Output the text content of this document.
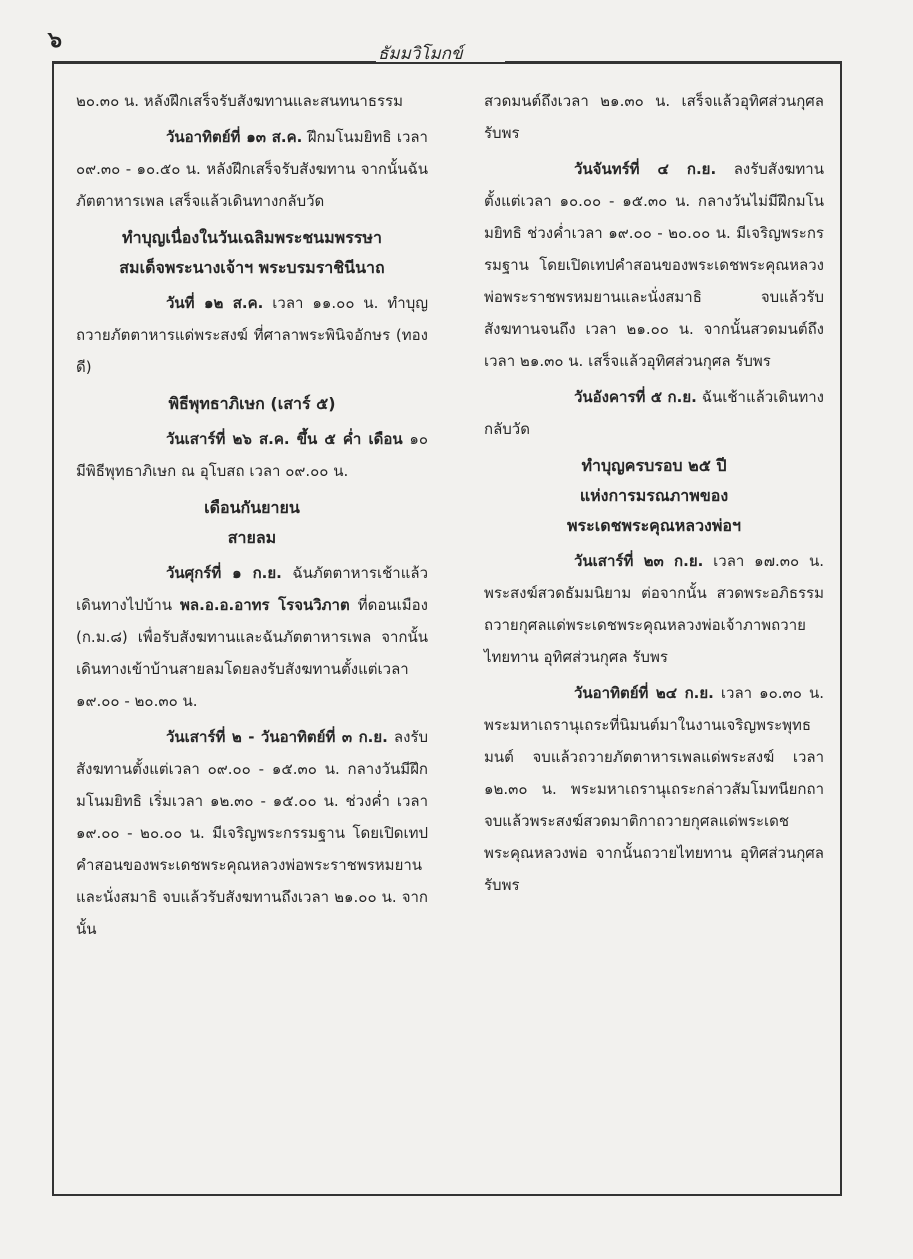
๖
ธัมมวิโมกข์

๒๐.๓๐ น. หลังฝึกเสร็จรับสังฆทานและสนทนาธรรม

วันอาทิตย์ที่ ๑๓ ส.ค. ฝึกมโนมยิทธิ เวลา ๐๙.๓๐ - ๑๐.๕๐ น. หลังฝึกเสร็จรับสังฆทาน จากนั้นฉันภัตตาหารเพล เสร็จแล้วเดินทางกลับวัด

ทำบุญเนื่องในวันเฉลิมพระชนมพรรษา
สมเด็จพระนางเจ้าฯ พระบรมราชินีนาถ

วันที่ ๑๒ ส.ค. เวลา ๑๑.๐๐ น. ทำบุญถวายภัตตาหารแด่พระสงฆ์ ที่ศาลาพระพินิจอักษร (ทองดี)

พิธีพุทธาภิเษก (เสาร์ ๕)

วันเสาร์ที่ ๒๖ ส.ค. ขึ้น ๕ ค่ำ เดือน ๑๐ มีพิธีพุทธาภิเษก ณ อุโบสถ เวลา ๐๙.๐๐ น.

เดือนกันยายน
สายลม

วันศุกร์ที่ ๑ ก.ย. ฉันภัตตาหารเช้าแล้วเดินทางไปบ้าน พล.อ.อ.อาทร โรจนวิภาต ที่ดอนเมือง (ก.ม.๘) เพื่อรับสังฆทานและฉันภัตตาหารเพล จากนั้นเดินทางเข้าบ้านสายลมโดยลงรับสังฆทานตั้งแต่เวลา ๑๙.๐๐ - ๒๐.๓๐ น.

วันเสาร์ที่ ๒ - วันอาทิตย์ที่ ๓ ก.ย. ลงรับสังฆทานตั้งแต่เวลา ๐๙.๐๐ - ๑๕.๓๐ น. กลางวันมีฝึกมโนมยิทธิ เริ่มเวลา ๑๒.๓๐ - ๑๕.๐๐ น. ช่วงค่ำ เวลา ๑๙.๐๐ - ๒๐.๐๐ น. มีเจริญพระกรรมฐาน โดยเปิดเทปคำสอนของพระเดชพระคุณหลวงพ่อพระราชพรหมยานและนั่งสมาธิ จบแล้วรับสังฆทานถึงเวลา ๒๑.๐๐ น. จากนั้น

สวดมนต์ถึงเวลา ๒๑.๓๐ น. เสร็จแล้วอุทิศส่วนกุศล รับพร

วันจันทร์ที่ ๔ ก.ย. ลงรับสังฆทาน ตั้งแต่เวลา ๑๐.๐๐ - ๑๕.๓๐ น. กลางวันไม่มีฝึกมโนมยิทธิ ช่วงค่ำเวลา ๑๙.๐๐ - ๒๐.๐๐ น. มีเจริญพระกรรมฐาน โดยเปิดเทปคำสอนของพระเดชพระคุณหลวงพ่อพระราชพรหมยานและนั่งสมาธิ จบแล้วรับสังฆทานจนถึง เวลา ๒๑.๐๐ น. จากนั้นสวดมนต์ถึงเวลา ๒๑.๓๐ น. เสร็จแล้วอุทิศส่วนกุศล รับพร

วันอังคารที่ ๕ ก.ย. ฉันเช้าแล้วเดินทางกลับวัด

ทำบุญครบรอบ ๒๕ ปี
แห่งการมรณภาพของ
พระเดชพระคุณหลวงพ่อฯ

วันเสาร์ที่ ๒๓ ก.ย. เวลา ๑๗.๓๐ น. พระสงฆ์สวดธัมมนิยาม ต่อจากนั้น สวดพระอภิธรรมถวายกุศลแด่พระเดชพระคุณหลวงพ่อเจ้าภาพถวายไทยทาน อุทิศส่วนกุศล รับพร

วันอาทิตย์ที่ ๒๔ ก.ย. เวลา ๑๐.๓๐ น. พระมหาเถรานุเถระที่นิมนต์มาในงานเจริญพระพุทธมนต์ จบแล้วถวายภัตตาหารเพลแด่พระสงฆ์ เวลา ๑๒.๓๐ น. พระมหาเถรานุเถระกล่าวสัมโมทนียกถา จบแล้วพระสงฆ์สวดมาติกาถวายกุศลแด่พระเดชพระคุณหลวงพ่อ จากนั้นถวายไทยทาน อุทิศส่วนกุศล รับพร
